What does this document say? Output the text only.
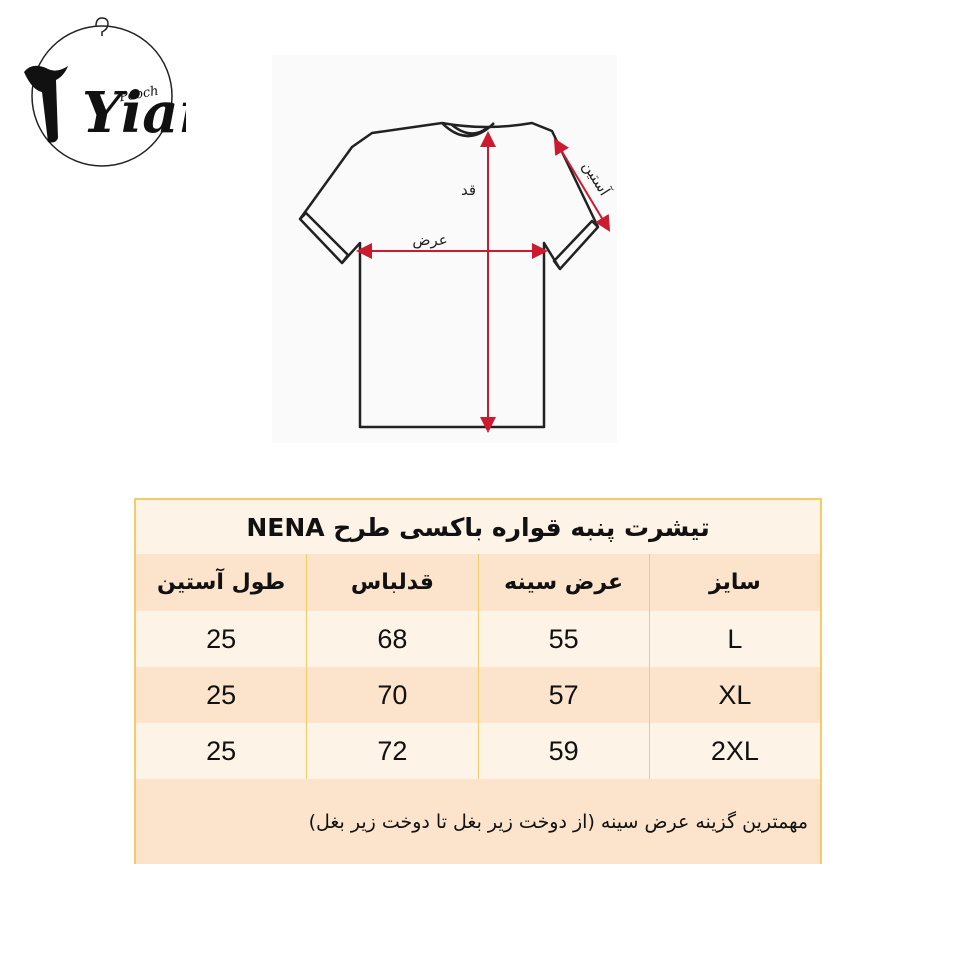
Yia
Pooch
قد
عرض
آستین
تیشرت پنبه قواره باکسی طرح NENA
سایز
عرض سینه
قدلباس
طول آستین
L
55
68
25
XL
57
70
25
2XL
59
72
25
مهمترین گزینه عرض سینه (از دوخت زیر بغل تا دوخت زیر بغل)
